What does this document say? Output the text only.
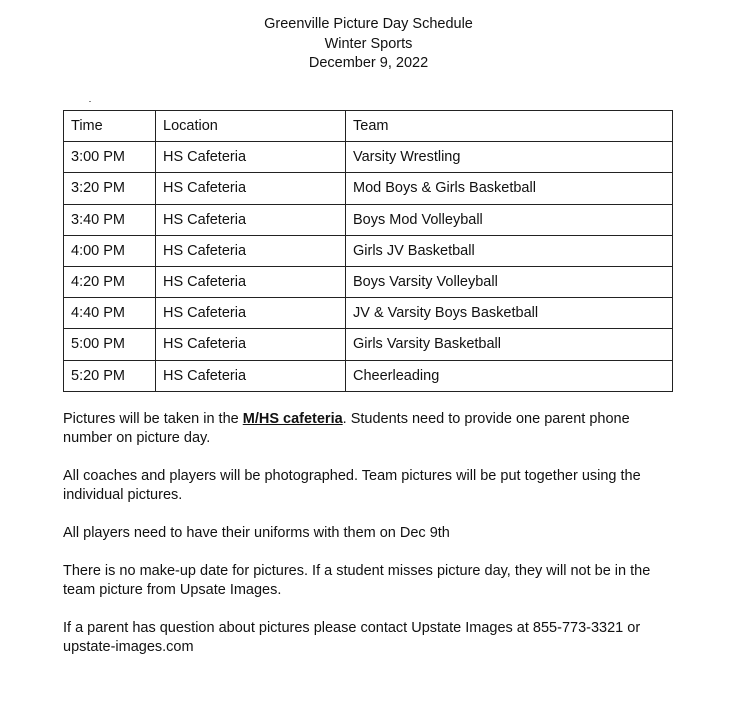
Greenville Picture Day Schedule
Winter Sports
December 9, 2022
Time	Location	Team
3:00 PM	HS Cafeteria	Varsity Wrestling
3:20 PM	HS Cafeteria	Mod Boys & Girls Basketball
3:40 PM	HS Cafeteria	Boys Mod Volleyball
4:00 PM	HS Cafeteria	Girls JV Basketball
4:20 PM	HS Cafeteria	Boys Varsity Volleyball
4:40 PM	HS Cafeteria	JV & Varsity Boys Basketball
5:00 PM	HS Cafeteria	Girls Varsity Basketball
5:20 PM	HS Cafeteria	Cheerleading
Pictures will be taken in the M/HS cafeteria. Students need to provide one parent phone number on picture day.
All coaches and players will be photographed. Team pictures will be put together using the individual pictures.
All players need to have their uniforms with them on Dec 9th
There is no make-up date for pictures. If a student misses picture day, they will not be in the team picture from Upsate Images.
If a parent has question about pictures please contact Upstate Images at 855-773-3321 or upstate-images.com
